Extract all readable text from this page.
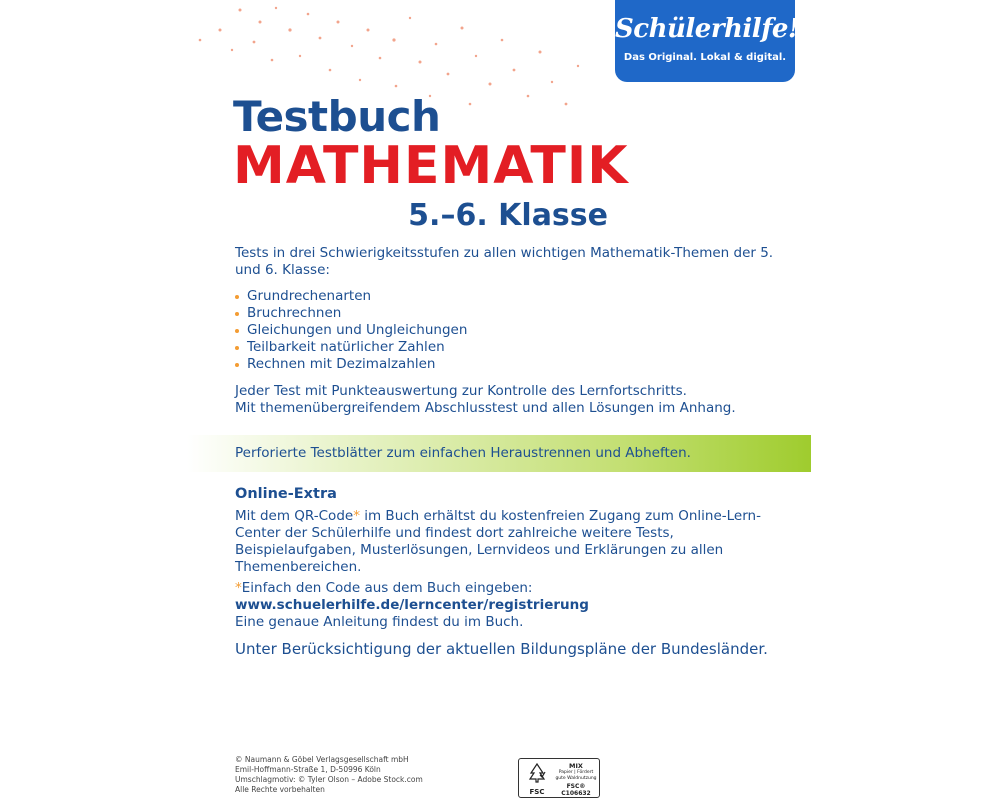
Schülerhilfe!
Das Original. Lokal & digital.
Testbuch
MATHEMATIK
5.–6. Klasse
Tests in drei Schwierigkeitsstufen zu allen wichtigen Mathematik-Themen der 5. und 6. Klasse:
Grundrechenarten
Bruchrechnen
Gleichungen und Ungleichungen
Teilbarkeit natürlicher Zahlen
Rechnen mit Dezimalzahlen
Jeder Test mit Punkteauswertung zur Kontrolle des Lernfortschritts.
Mit themenübergreifendem Abschlusstest und allen Lösungen im Anhang.
Perforierte Testblätter zum einfachen Heraustrennen und Abheften.
Online-Extra
Mit dem QR-Code* im Buch erhältst du kostenfreien Zugang zum Online-Lern-Center der Schülerhilfe und findest dort zahlreiche weitere Tests, Beispielaufgaben, Musterlösungen, Lernvideos und Erklärungen zu allen Themenbereichen.
*Einfach den Code aus dem Buch eingeben:
www.schuelerhilfe.de/lerncenter/registrierung
Eine genaue Anleitung findest du im Buch.
Unter Berücksichtigung der aktuellen Bildungspläne der Bundesländer.
© Naumann & Göbel Verlagsgesellschaft mbH
Emil-Hoffmann-Straße 1, D-50996 Köln
Umschlagmotiv: © Tyler Olson – Adobe Stock.com
Alle Rechte vorbehalten	FSC
MIX
Papier | Fördert
gute Waldnutzung
FSC® C106632
